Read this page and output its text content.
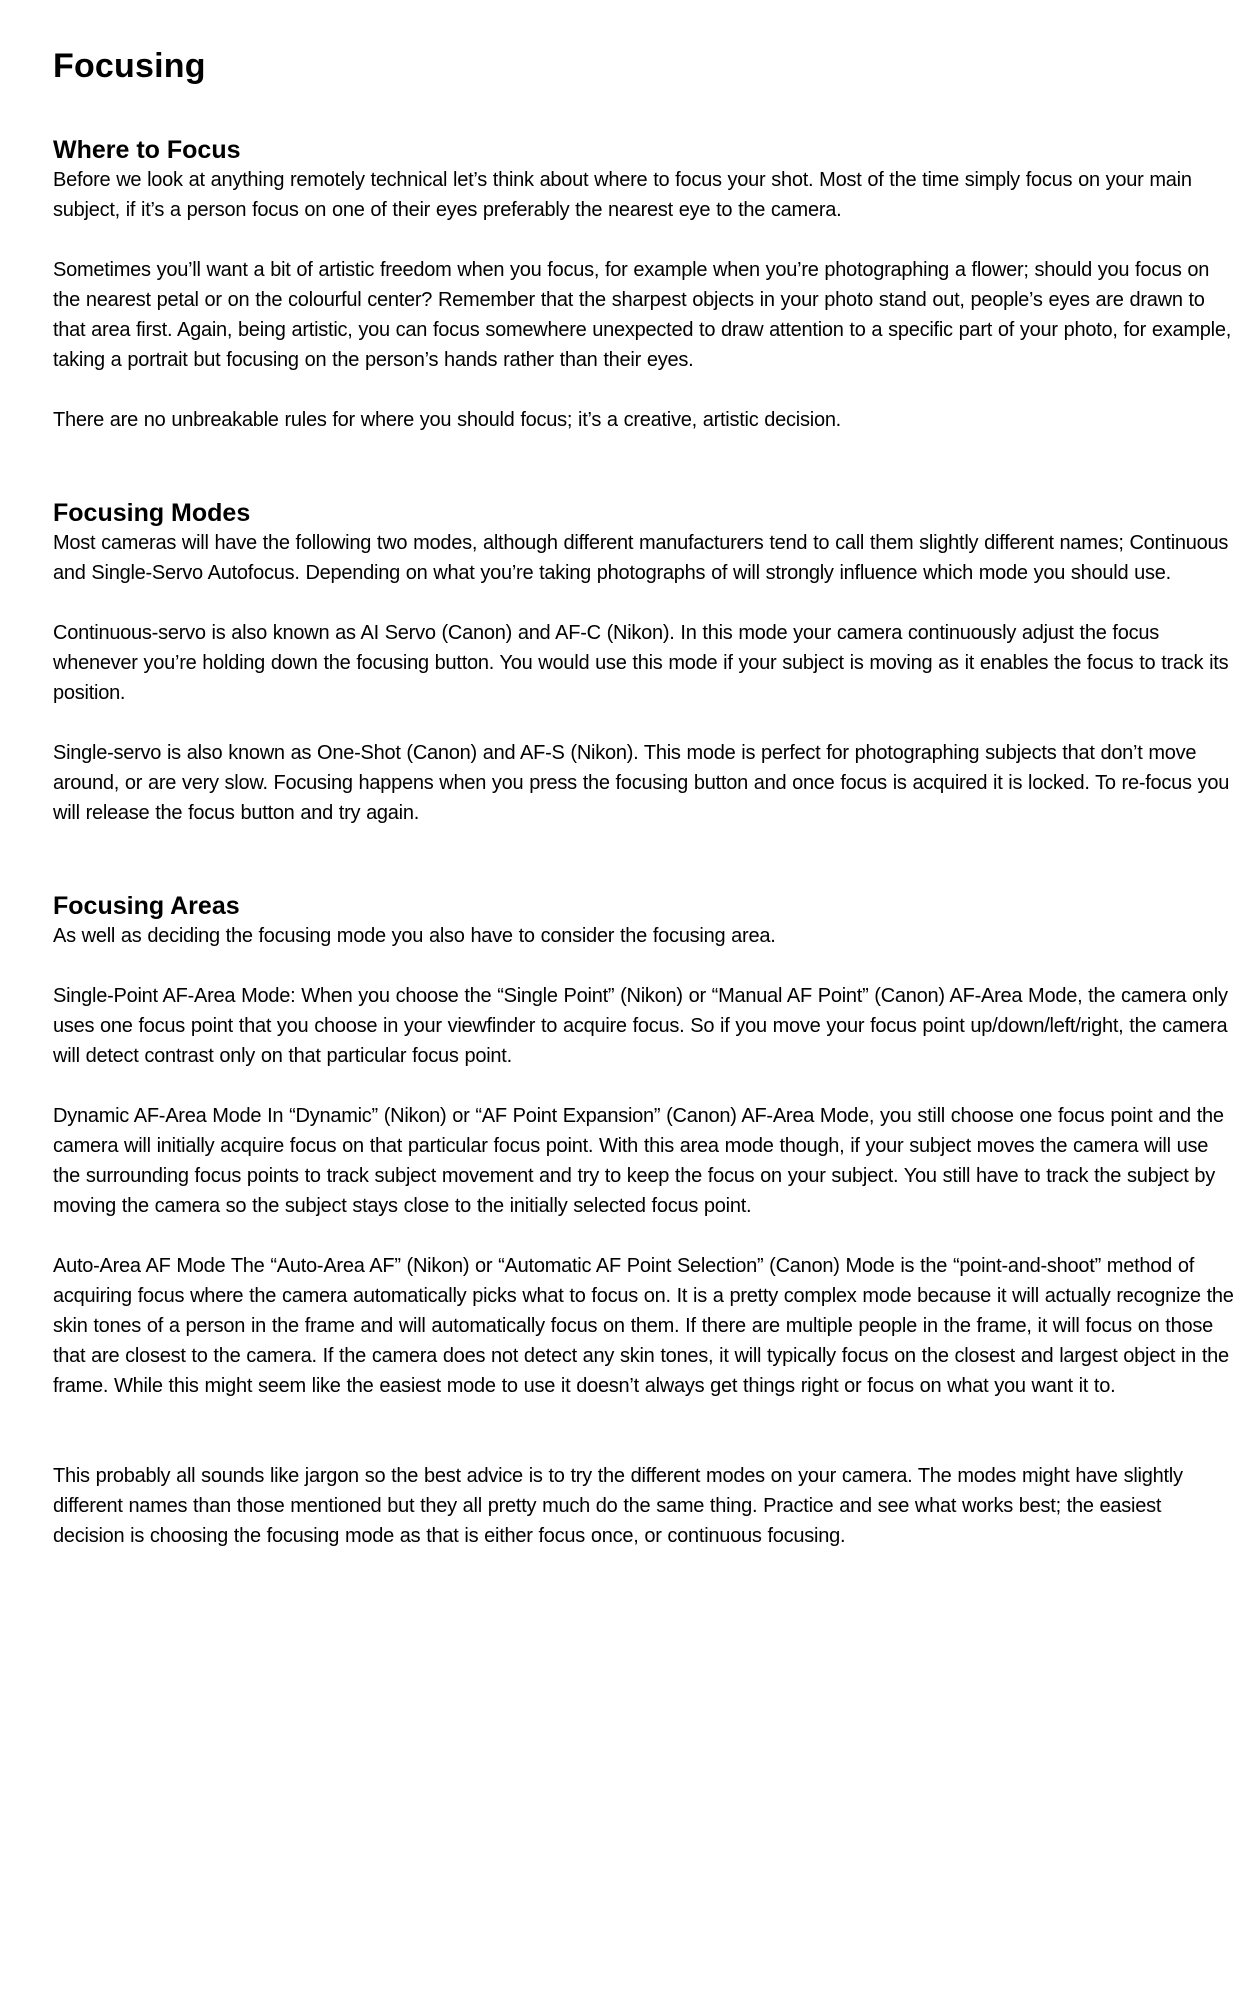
Focusing
Where to Focus

Before we look at anything remotely technical let’s think about where to focus your shot. Most of the time simply focus on your main subject, if it’s a person focus on one of their eyes preferably the nearest eye to the camera.

Sometimes you’ll want a bit of artistic freedom when you focus, for example when you’re photographing a flower; should you focus on the nearest petal or on the colourful center? Remember that the sharpest objects in your photo stand out, people’s eyes are drawn to that area first. Again, being artistic, you can focus somewhere unexpected to draw attention to a specific part of your photo, for example, taking a portrait but focusing on the person’s hands rather than their eyes.

There are no unbreakable rules for where you should focus; it’s a creative, artistic decision.

Focusing Modes

Most cameras will have the following two modes, although different manufacturers tend to call them slightly different names; Continuous and Single-Servo Autofocus. Depending on what you’re taking photographs of will strongly influence which mode you should use.

Continuous-servo is also known as AI Servo (Canon) and AF-C (Nikon). In this mode your camera continuously adjust the focus whenever you’re holding down the focusing button. You would use this mode if your subject is moving as it enables the focus to track its position.

Single-servo is also known as One-Shot (Canon) and AF-S (Nikon). This mode is perfect for photographing subjects that don’t move around, or are very slow. Focusing happens when you press the focusing button and once focus is acquired it is locked. To re-focus you will release the focus button and try again.

Focusing Areas

As well as deciding the focusing mode you also have to consider the focusing area.

Single-Point AF-Area Mode: When you choose the “Single Point” (Nikon) or “Manual AF Point” (Canon) AF-Area Mode, the camera only uses one focus point that you choose in your viewfinder to acquire focus. So if you move your focus point up/down/left/right, the camera will detect contrast only on that particular focus point.

Dynamic AF-Area Mode In “Dynamic” (Nikon) or “AF Point Expansion” (Canon) AF-Area Mode, you still choose one focus point and the camera will initially acquire focus on that particular focus point. With this area mode though, if your subject moves the camera will use the surrounding focus points to track subject movement and try to keep the focus on your subject. You still have to track the subject by moving the camera so the subject stays close to the initially selected focus point.

Auto-Area AF Mode The “Auto-Area AF” (Nikon) or “Automatic AF Point Selection” (Canon) Mode is the “point-and-shoot” method of acquiring focus where the camera automatically picks what to focus on. It is a pretty complex mode because it will actually recognize the skin tones of a person in the frame and will automatically focus on them. If there are multiple people in the frame, it will focus on those that are closest to the camera. If the camera does not detect any skin tones, it will typically focus on the closest and largest object in the frame. While this might seem like the easiest mode to use it doesn’t always get things right or focus on what you want it to.

This probably all sounds like jargon so the best advice is to try the different modes on your camera. The modes might have slightly different names than those mentioned but they all pretty much do the same thing. Practice and see what works best; the easiest decision is choosing the focusing mode as that is either focus once, or continuous focusing.
